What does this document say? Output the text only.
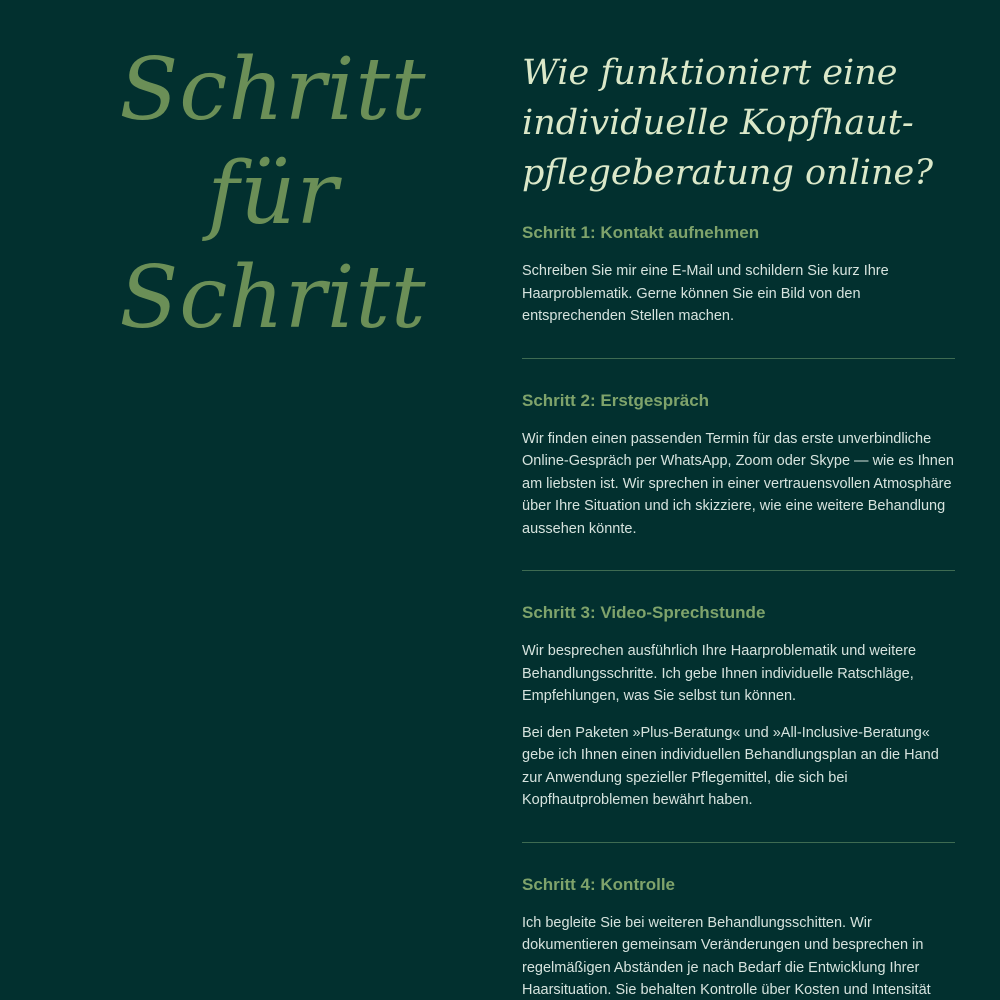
Schritt
für
Schritt
Wie funktioniert eine
individuelle Kopfhaut-
pflegeberatung online?
Schritt 1: Kontakt aufnehmen

Schreiben Sie mir eine E-Mail und schildern Sie kurz Ihre Haarproblematik. Gerne können Sie ein Bild von den entsprechenden Stellen machen.

Schritt 2: Erstgespräch

Wir finden einen passenden Termin für das erste unverbindliche Online-Gespräch per WhatsApp, Zoom oder Skype — wie es Ihnen am liebsten ist. Wir sprechen in einer vertrauensvollen Atmosphäre über Ihre Situation und ich skizziere, wie eine weitere Behandlung aussehen könnte.

Schritt 3: Video-Sprechstunde

Wir besprechen ausführlich Ihre Haarproblematik und weitere Behandlungsschritte. Ich gebe Ihnen individuelle Ratschläge, Empfehlungen, was Sie selbst tun können.

Bei den Paketen »Plus-Beratung« und »All-Inclusive-Beratung« gebe ich Ihnen einen individuellen Behandlungsplan an die Hand zur Anwendung spezieller Pflegemittel, die sich bei Kopfhautproblemen bewährt haben.

Schritt 4: Kontrolle

Ich begleite Sie bei weiteren Behandlungsschitten. Wir dokumentieren gemeinsam Veränderungen und besprechen in regelmäßigen Abständen je nach Bedarf die Entwicklung Ihrer Haarsituation. Sie behalten Kontrolle über Kosten und Intensität
